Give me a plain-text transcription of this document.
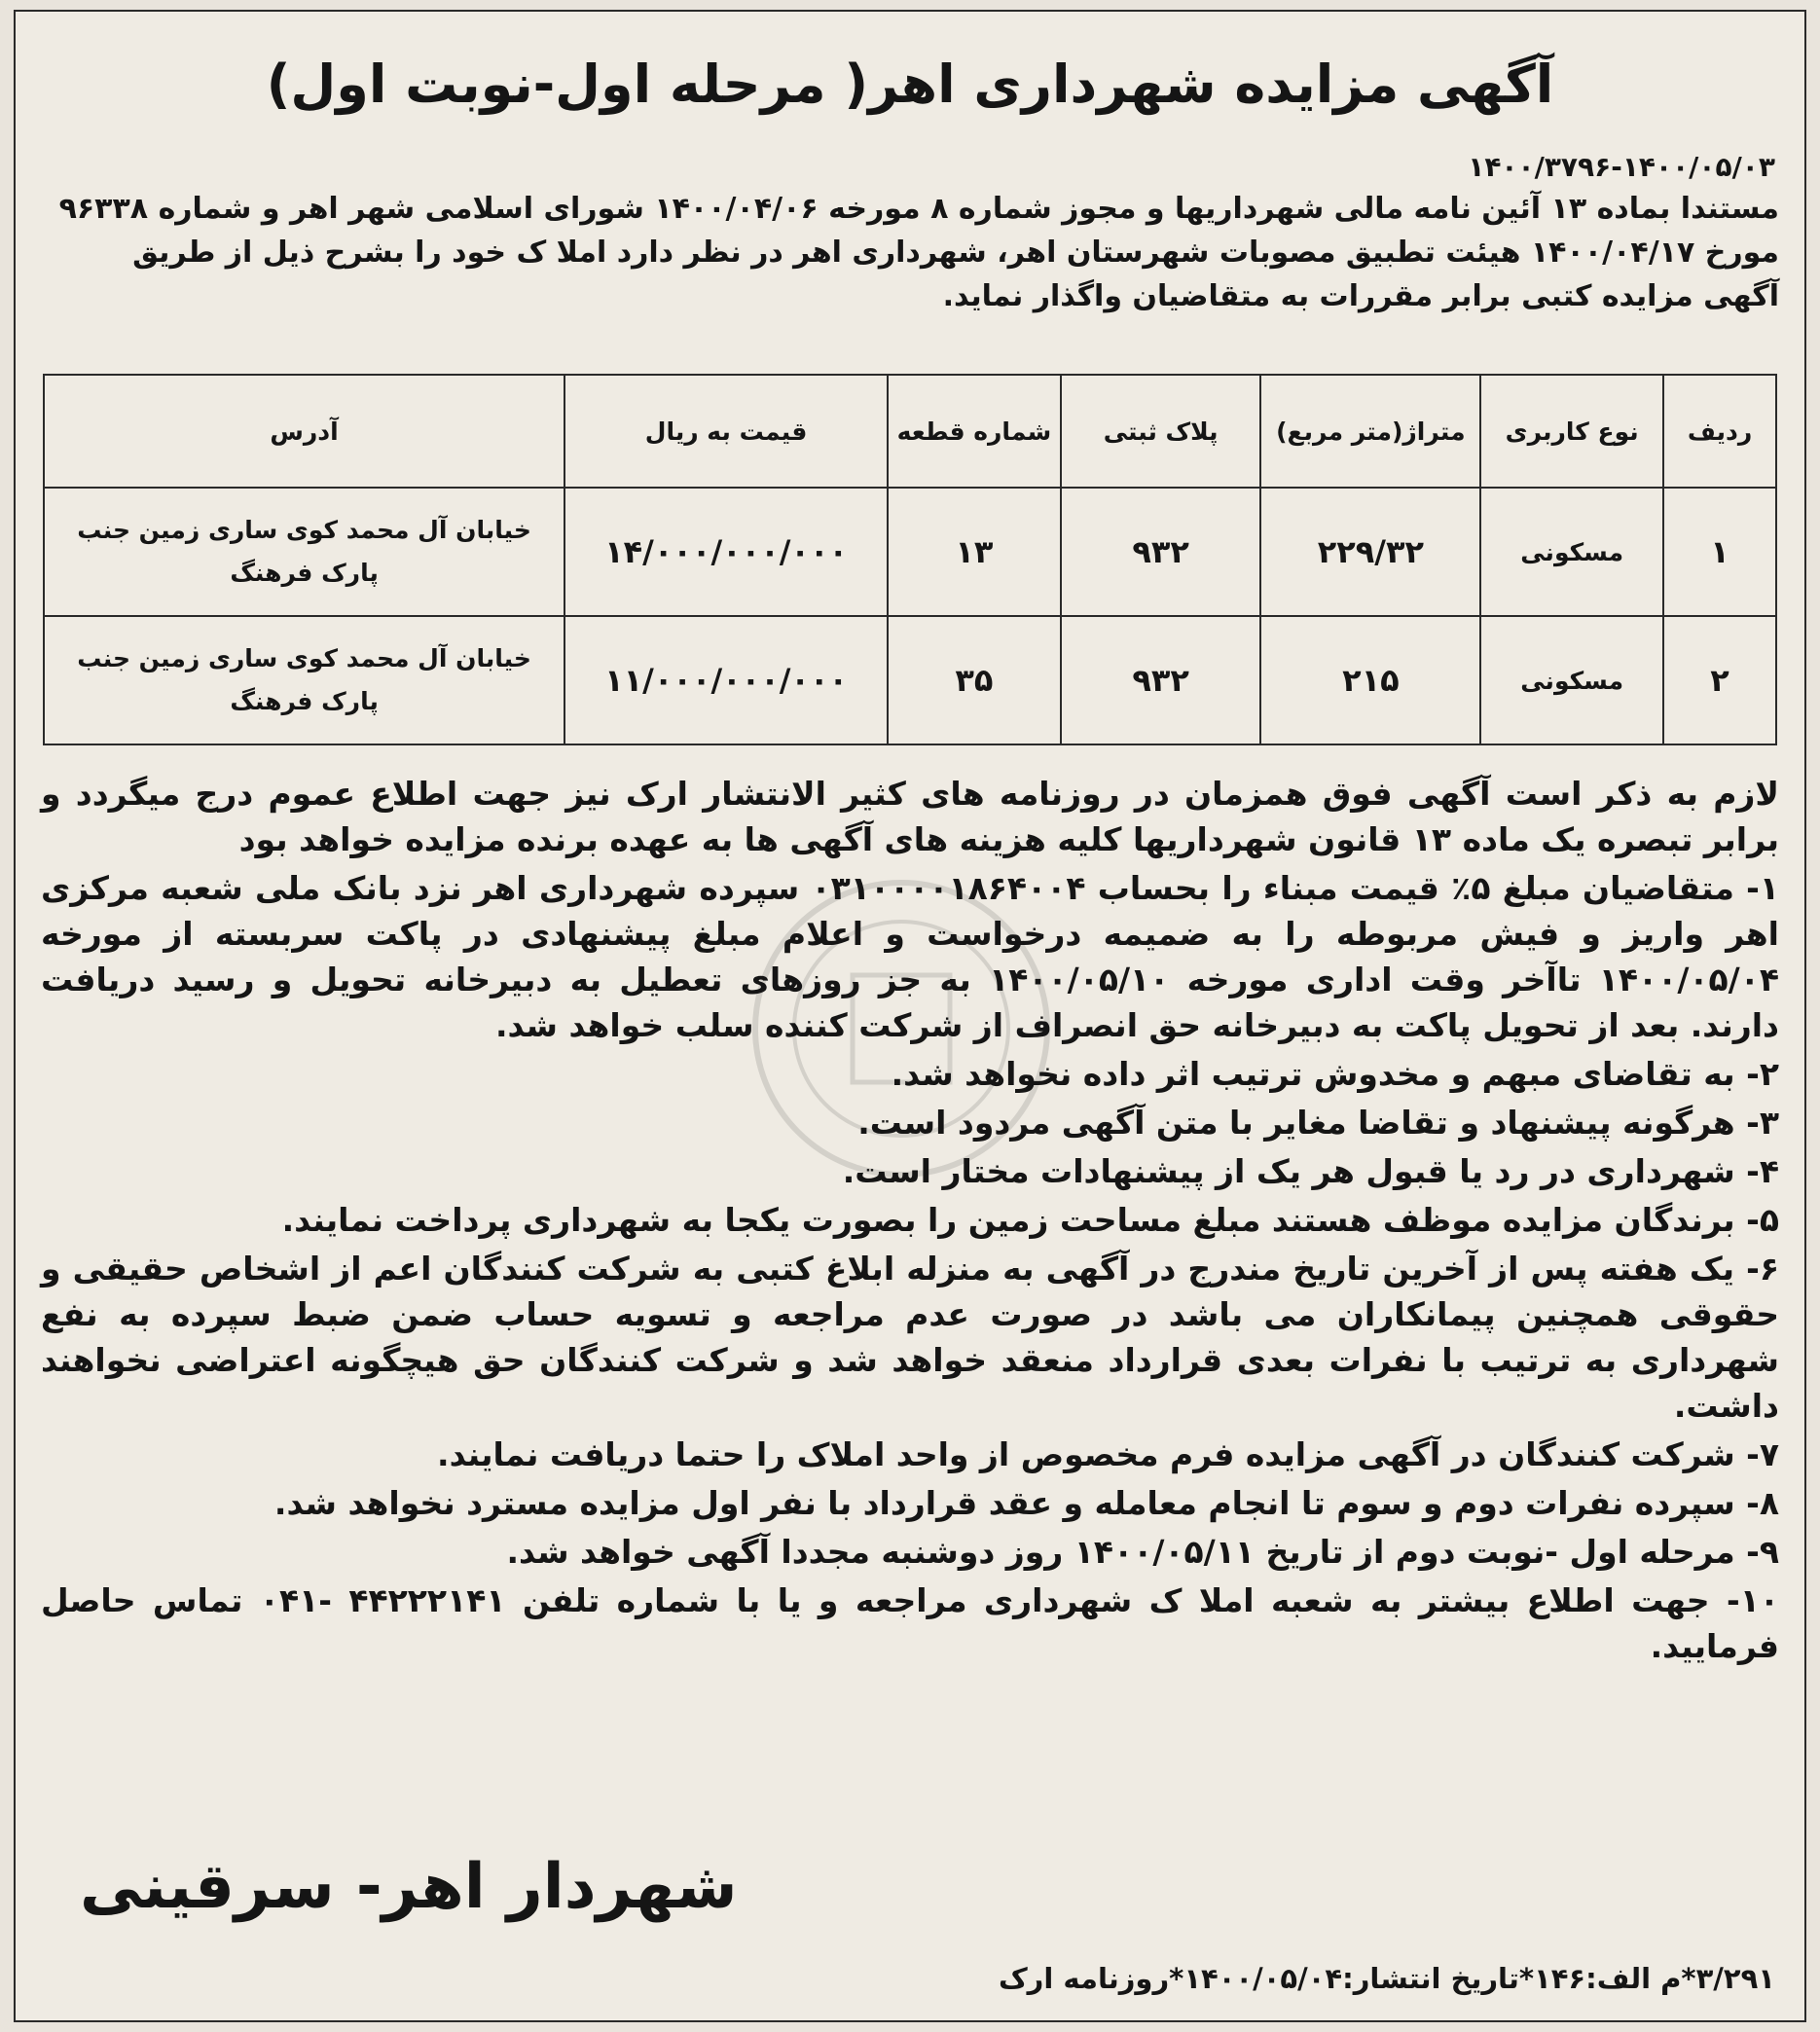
آگهی مزایده شهرداری اهر( مرحله اول-نوبت اول)
۱۴۰۰/۳۷۹۶-۱۴۰۰/۰۵/۰۳

مستندا بماده ۱۳ آئین نامه مالی شهرداریها و مجوز شماره ۸ مورخه ۱۴۰۰/۰۴/۰۶ شورای اسلامی شهر اهر و شماره ۹۶۳۳۸

مورخ ۱۴۰۰/۰۴/۱۷ هیئت تطبیق مصوبات شهرستان اهر، شهرداری اهر در نظر دارد املا ک خود را بشرح ذیل از طریق

آگهی مزایده کتبی برابر مقررات به متقاضیان واگذار نماید.

ردیف	نوع کاربری	متراژ(متر مربع)	پلاک ثبتی	شماره قطعه	قیمت به ریال	آدرس
۱	مسکونی	۲۲۹/۳۲	۹۳۲	۱۳	۱۴/۰۰۰/۰۰۰/۰۰۰	خیابان آل محمد کوی ساری زمین جنب
پارک فرهنگ

۲	مسکونی	۲۱۵	۹۳۲	۳۵	۱۱/۰۰۰/۰۰۰/۰۰۰	خیابان آل محمد کوی ساری زمین جنب
پارک فرهنگ

لازم به ذکر است آگهی فوق همزمان در روزنامه های کثیر الانتشار ارک نیز جهت اطلاع عموم درج میگردد و برابر تبصره یک ماده ۱۳ قانون شهرداریها کلیه هزینه های آگهی ها به عهده برنده مزایده خواهد بود

۱- متقاضیان مبلغ ۵٪ قیمت مبناء را بحساب ۰۳۱۰۰۰۰۱۸۶۴۰۰۴ سپرده شهرداری اهر نزد بانک ملی شعبه مرکزی اهر واریز و فیش مربوطه را به ضمیمه درخواست و اعلام مبلغ پیشنهادی در پاکت سربسته از مورخه ۱۴۰۰/۰۵/۰۴ تاآخر وقت اداری مورخه ۱۴۰۰/۰۵/۱۰ به جز روزهای تعطیل به دبیرخانه تحویل و رسید دریافت دارند. بعد از تحویل پاکت به دبیرخانه حق انصراف از شرکت کننده سلب خواهد شد.

۲- به تقاضای مبهم و مخدوش ترتیب اثر داده نخواهد شد.

۳- هرگونه پیشنهاد و تقاضا مغایر با متن آگهی مردود است.

۴- شهرداری در رد یا قبول هر یک از پیشنهادات مختار است.

۵- برندگان مزایده موظف هستند مبلغ مساحت زمین را بصورت یکجا به شهرداری پرداخت نمایند.

۶- یک هفته پس از آخرین تاریخ مندرج در آگهی به منزله ابلاغ کتبی به شرکت کنندگان اعم از اشخاص حقیقی و حقوقی همچنین پیمانکاران می باشد در صورت عدم مراجعه و تسویه حساب ضمن ضبط سپرده به نفع شهرداری به ترتیب با نفرات بعدی قرارداد منعقد خواهد شد و شرکت کنندگان حق هیچگونه اعتراضی نخواهند داشت.

۷- شرکت کنندگان در آگهی مزایده فرم مخصوص از واحد املاک را حتما دریافت نمایند.

۸- سپرده نفرات دوم و سوم تا انجام معامله و عقد قرارداد با نفر اول مزایده مسترد نخواهد شد.

۹- مرحله اول -نوبت دوم از تاریخ ۱۴۰۰/۰۵/۱۱ روز دوشنبه مجددا آگهی خواهد شد.

۱۰- جهت اطلاع بیشتر به شعبه املا ک شهرداری مراجعه و یا با شماره تلفن ۴۴۲۲۲۱۴۱ -۰۴۱ تماس حاصل فرمایید.

شهردار اهر- سرقینی
۳/۲۹۱*م الف:۱۴۶*تاریخ انتشار:۱۴۰۰/۰۵/۰۴*روزنامه ارک
